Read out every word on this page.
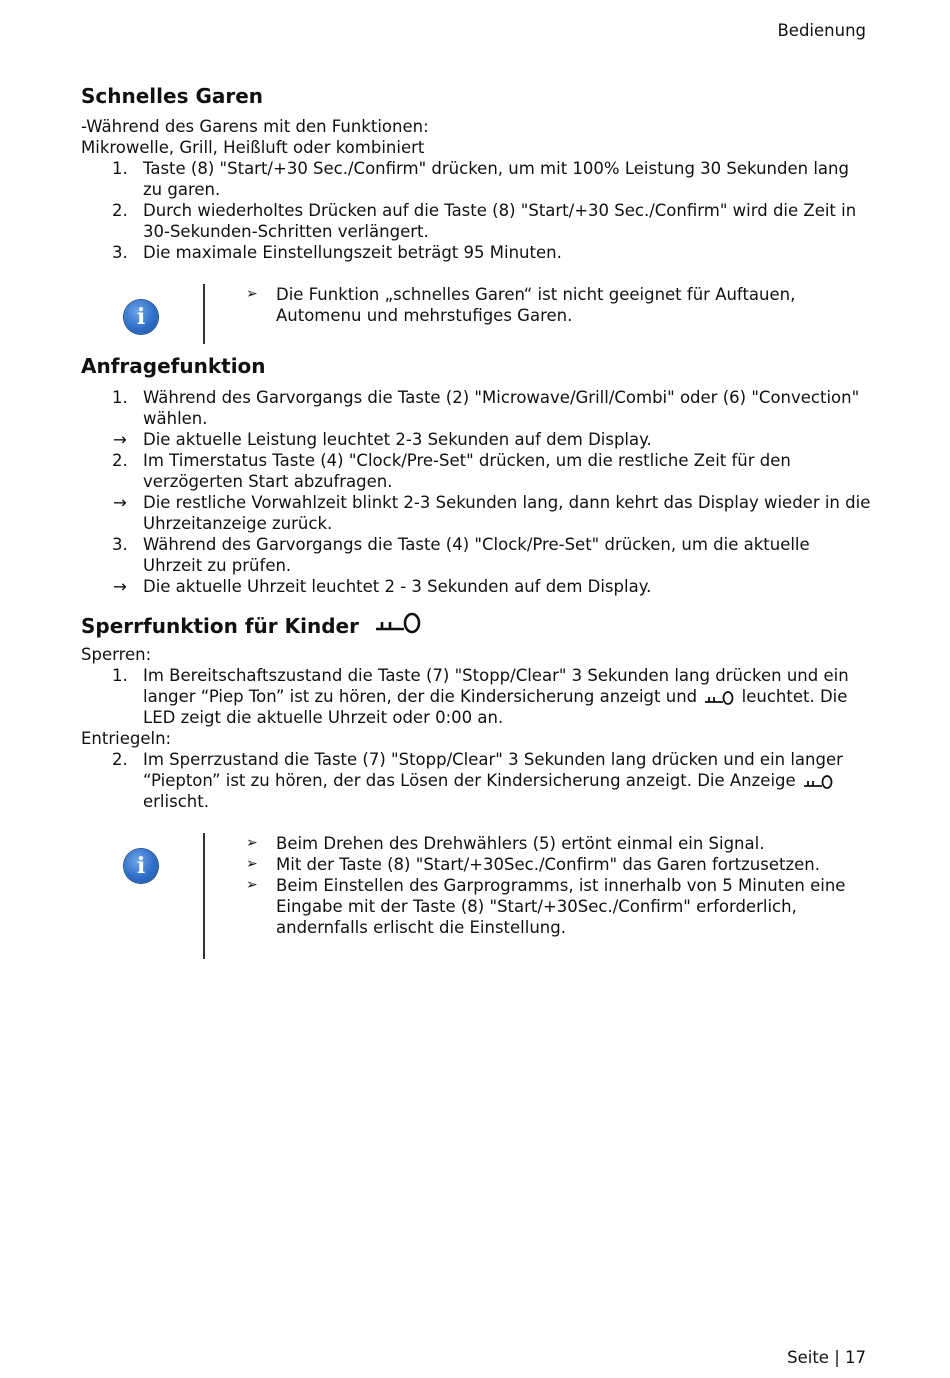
Bedienung
Schnelles Garen

-Während des Garens mit den Funktionen:

Mikrowelle, Grill, Heißluft oder kombiniert

1. Taste (8) "Start/+30 Sec./Confirm" drücken, um mit 100% Leistung 30 Sekunden lang zu garen.
2. Durch wiederholtes Drücken auf die Taste (8) "Start/+30 Sec./Confirm" wird die Zeit in 30-Sekunden-Schritten verlängert.
3. Die maximale Einstellungszeit beträgt 95 Minuten.
i
➢ Die Funktion „schnelles Garen“ ist nicht geeignet für Auftauen, Automenu und mehrstufiges Garen.
Anfragefunktion
1. Während des Garvorgangs die Taste (2) "Microwave/Grill/Combi" oder (6) "Convection" wählen.
→ Die aktuelle Leistung leuchtet 2-3 Sekunden auf dem Display.
2. Im Timerstatus Taste (4) "Clock/Pre-Set" drücken, um die restliche Zeit für den verzögerten Start abzufragen.
→ Die restliche Vorwahlzeit blinkt 2-3 Sekunden lang, dann kehrt das Display wieder in die Uhrzeitanzeige zurück.
3. Während des Garvorgangs die Taste (4) "Clock/Pre-Set" drücken, um die aktuelle Uhrzeit zu prüfen.
→ Die aktuelle Uhrzeit leuchtet 2 - 3 Sekunden auf dem Display.
Sperrfunktion für Kinder

Sperren:

1. Im Bereitschaftszustand die Taste (7) "Stopp/Clear" 3 Sekunden lang drücken und ein langer “Piep Ton” ist zu hören, der die Kindersicherung anzeigt und	leuchtet. Die LED zeigt die aktuelle Uhrzeit oder 0:00 an.

Entriegeln:

2. Im Sperrzustand die Taste (7) "Stopp/Clear" 3 Sekunden lang drücken und ein langer “Piepton” ist zu hören, der das Lösen der Kindersicherung anzeigt. Die Anzeige  erlischt.
i
➢ Beim Drehen des Drehwählers (5) ertönt einmal ein Signal.
➢ Mit der Taste (8) "Start/+30Sec./Confirm" das Garen fortzusetzen.
➢ Beim Einstellen des Garprogramms, ist innerhalb von 5 Minuten eine Eingabe mit der Taste (8) "Start/+30Sec./Confirm" erforderlich, andernfalls erlischt die Einstellung.
Seite | 17
